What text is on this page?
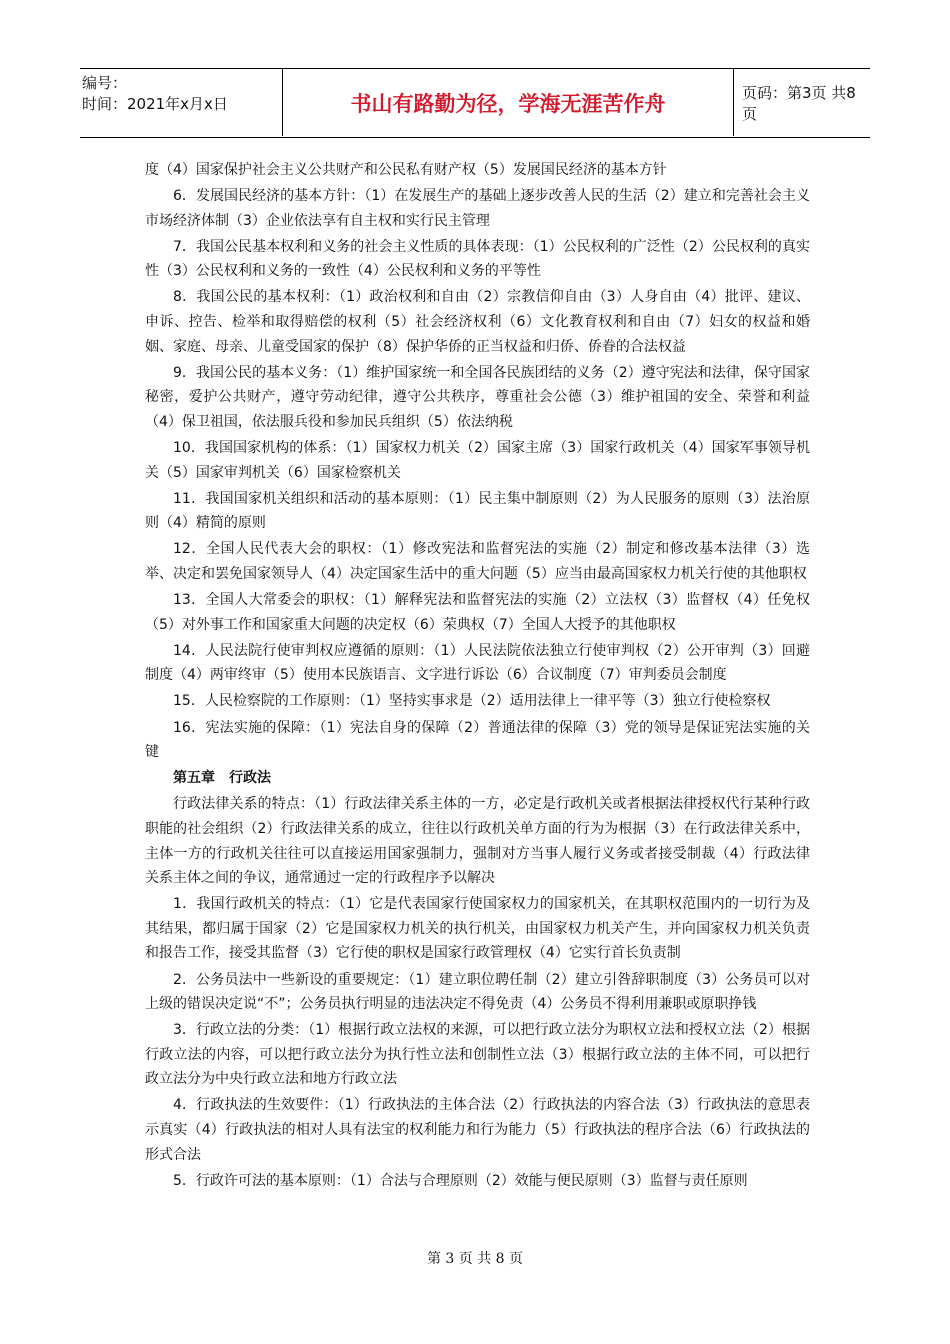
编号：
时间：2021年x月x日	书山有路勤为径，学海无涯苦作舟	页码：第3页 共8页

度（4）国家保护社会主义公共财产和公民私有财产权（5）发展国民经济的基本方针

6．发展国民经济的基本方针：（1）在发展生产的基础上逐步改善人民的生活（2）建立和完善社会主义市场经济体制（3）企业依法享有自主权和实行民主管理

7．我国公民基本权利和义务的社会主义性质的具体表现：（1）公民权利的广泛性（2）公民权利的真实性（3）公民权利和义务的一致性（4）公民权利和义务的平等性

8．我国公民的基本权利：（1）政治权利和自由（2）宗教信仰自由（3）人身自由（4）批评、建议、申诉、控告、检举和取得赔偿的权利（5）社会经济权利（6）文化教育权利和自由（7）妇女的权益和婚姻、家庭、母亲、儿童受国家的保护（8）保护华侨的正当权益和归侨、侨眷的合法权益

9．我国公民的基本义务：（1）维护国家统一和全国各民族团结的义务（2）遵守宪法和法律，保守国家秘密，爱护公共财产，遵守劳动纪律，遵守公共秩序，尊重社会公德（3）维护祖国的安全、荣誉和利益（4）保卫祖国，依法服兵役和参加民兵组织（5）依法纳税

10．我国国家机构的体系：（1）国家权力机关（2）国家主席（3）国家行政机关（4）国家军事领导机关（5）国家审判机关（6）国家检察机关

11．我国国家机关组织和活动的基本原则：（1）民主集中制原则（2）为人民服务的原则（3）法治原则（4）精简的原则

12．全国人民代表大会的职权：（1）修改宪法和监督宪法的实施（2）制定和修改基本法律（3）选举、决定和罢免国家领导人（4）决定国家生活中的重大问题（5）应当由最高国家权力机关行使的其他职权

13．全国人大常委会的职权：（1）解释宪法和监督宪法的实施（2）立法权（3）监督权（4）任免权（5）对外事工作和国家重大问题的决定权（6）荣典权（7）全国人大授予的其他职权

14．人民法院行使审判权应遵循的原则：（1）人民法院依法独立行使审判权（2）公开审判（3）回避制度（4）两审终审（5）使用本民族语言、文字进行诉讼（6）合议制度（7）审判委员会制度

15．人民检察院的工作原则：（1）坚持实事求是（2）适用法律上一律平等（3）独立行使检察权

16．宪法实施的保障：（1）宪法自身的保障（2）普通法律的保障（3）党的领导是保证宪法实施的关键

第五章　行政法

行政法律关系的特点：（1）行政法律关系主体的一方，必定是行政机关或者根据法律授权代行某种行政职能的社会组织（2）行政法律关系的成立，往往以行政机关单方面的行为为根据（3）在行政法律关系中，主体一方的行政机关往往可以直接运用国家强制力，强制对方当事人履行义务或者接受制裁（4）行政法律关系主体之间的争议，通常通过一定的行政程序予以解决

1．我国行政机关的特点：（1）它是代表国家行使国家权力的国家机关，在其职权范围内的一切行为及其结果，都归属于国家（2）它是国家权力机关的执行机关，由国家权力机关产生，并向国家权力机关负责和报告工作，接受其监督（3）它行使的职权是国家行政管理权（4）它实行首长负责制

2．公务员法中一些新设的重要规定：（1）建立职位聘任制（2）建立引咎辞职制度（3）公务员可以对上级的错误决定说“不”；公务员执行明显的违法决定不得免责（4）公务员不得利用兼职或原职挣钱

3．行政立法的分类：（1）根据行政立法权的来源，可以把行政立法分为职权立法和授权立法（2）根据行政立法的内容，可以把行政立法分为执行性立法和创制性立法（3）根据行政立法的主体不同，可以把行政立法分为中央行政立法和地方行政立法

4．行政执法的生效要件：（1）行政执法的主体合法（2）行政执法的内容合法（3）行政执法的意思表示真实（4）行政执法的相对人具有法宝的权利能力和行为能力（5）行政执法的程序合法（6）行政执法的形式合法

5．行政许可法的基本原则：（1）合法与合理原则（2）效能与便民原则（3）监督与责任原则

第 3 页 共 8 页
